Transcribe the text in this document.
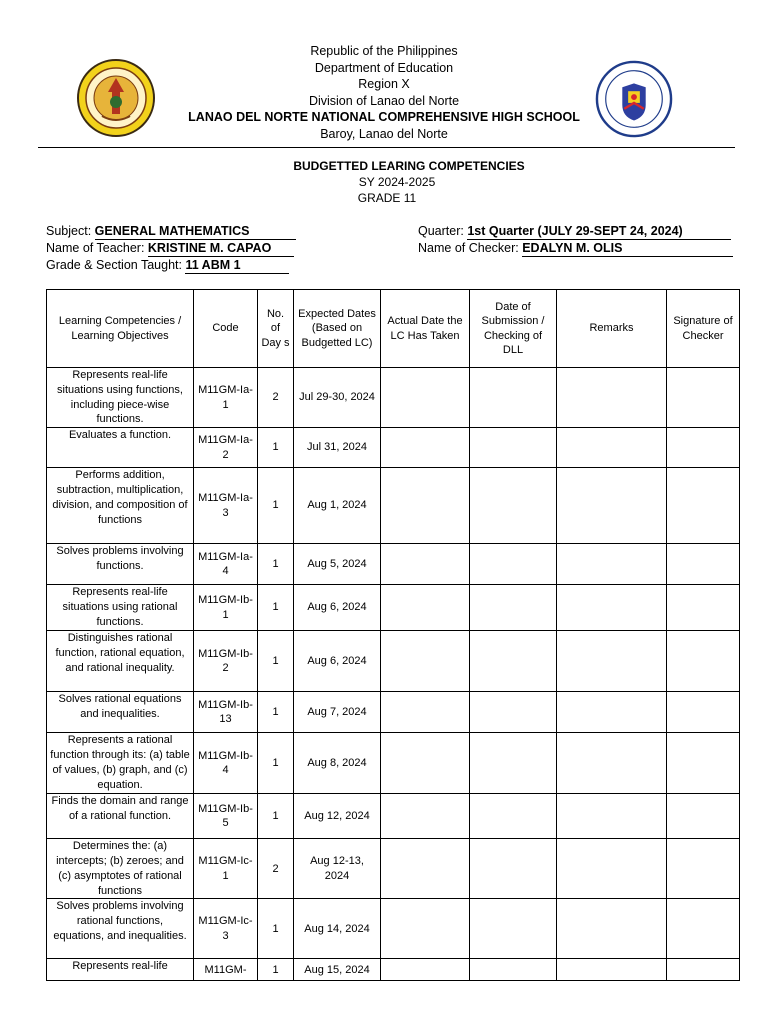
Republic of the Philippines
Department of Education
Region X
Division of Lanao del Norte
LANAO DEL NORTE NATIONAL COMPREHENSIVE HIGH SCHOOL
Baroy, Lanao del Norte
BUDGETTED LEARING COMPETENCIES
SY 2024-2025
GRADE 11
Subject: GENERAL MATHEMATICS
Name of Teacher: KRISTINE M. CAPAO
Grade & Section Taught: 11 ABM 1
Quarter: 1st Quarter (JULY 29-SEPT 24, 2024)
Name of Checker: EDALYN M. OLIS
Learning Competencies / Learning Objectives	Code	No. of Day s	Expected Dates (Based on Budgetted LC)	Actual Date the LC Has Taken	Date of Submission / Checking of DLL	Remarks	Signature of Checker
Represents real-life situations using functions, including piece-wise functions.	M11GM-Ia-1	2	Jul 29-30, 2024				
Evaluates a function.	M11GM-Ia-2	1	Jul 31, 2024				
Performs addition, subtraction, multiplication, division, and composition of functions	M11GM-Ia-3	1	Aug 1, 2024				
Solves problems involving functions.	M11GM-Ia-4	1	Aug 5, 2024				
Represents real-life situations using rational functions.	M11GM-Ib-1	1	Aug 6, 2024				
Distinguishes rational function, rational equation, and rational inequality.	M11GM-Ib-2	1	Aug 6, 2024				
Solves rational equations and inequalities.	M11GM-Ib-13	1	Aug 7, 2024				
Represents a rational function through its: (a) table of values, (b) graph, and (c) equation.	M11GM-Ib-4	1	Aug 8, 2024				
Finds the domain and range of a rational function.	M11GM-Ib-5	1	Aug 12, 2024				
Determines the: (a) intercepts; (b) zeroes; and (c) asymptotes of rational functions	M11GM-Ic-1	2	Aug 12-13, 2024				
Solves problems involving rational functions, equations, and inequalities.	M11GM-Ic-3	1	Aug 14, 2024				
Represents real-life	M11GM-	1	Aug 15, 2024				
